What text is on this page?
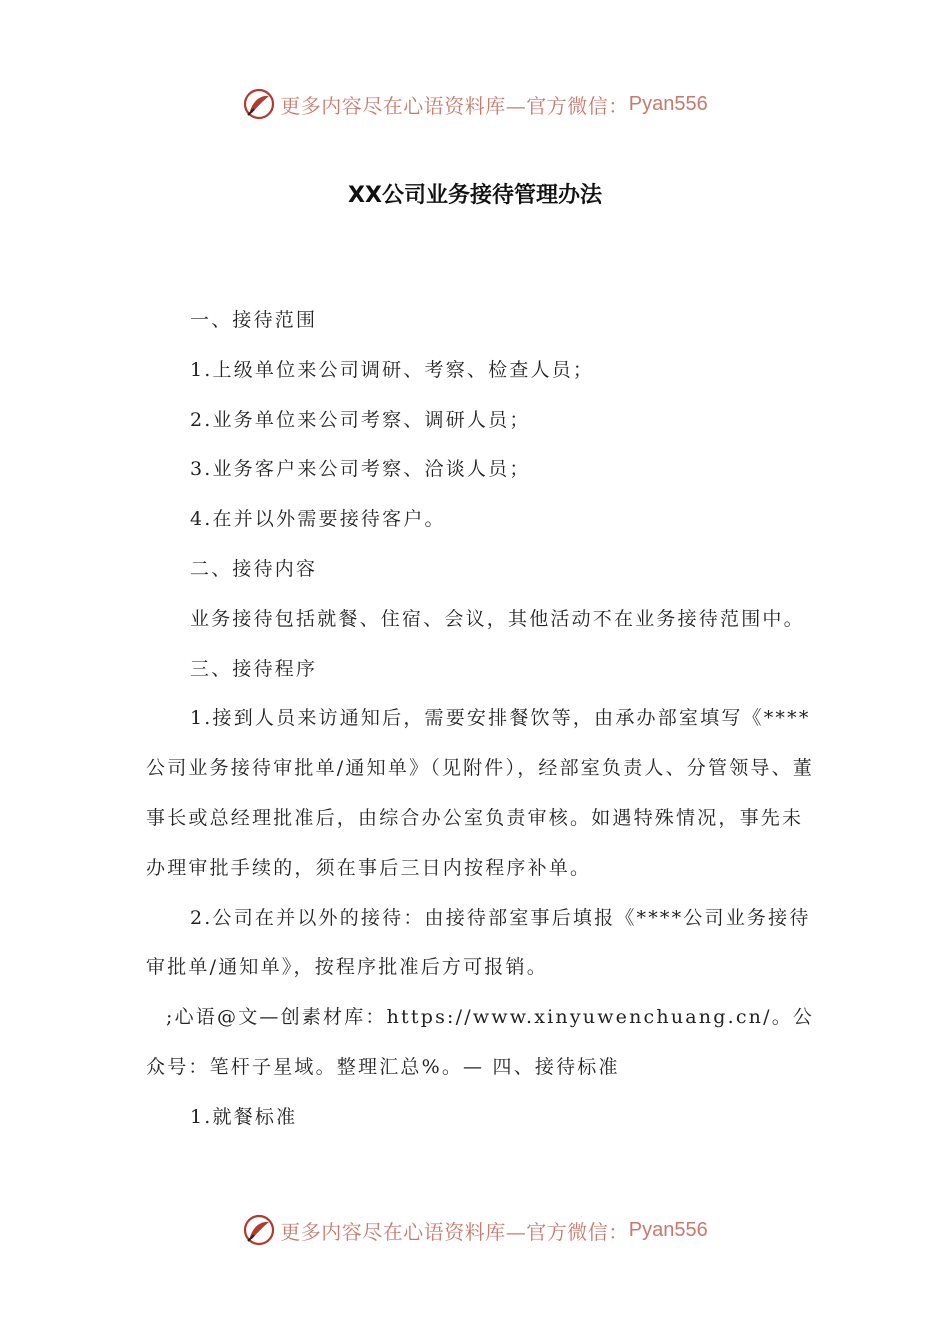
更多内容尽在心语资料库—官方微信： Pyan556
XX公司业务接待管理办法

一、接待范围

1.上级单位来公司调研、考察、检查人员；

2.业务单位来公司考察、调研人员；

3.业务客户来公司考察、洽谈人员；

4.在并以外需要接待客户。

二、接待内容

业务接待包括就餐、住宿、会议，其他活动不在业务接待范围中。

三、接待程序

1.接到人员来访通知后，需要安排餐饮等，由承办部室填写《****公司业务接待审批单/通知单》（见附件），经部室负责人、分管领导、董事长或总经理批准后，由综合办公室负责审核。如遇特殊情况，事先未办理审批手续的，须在事后三日内按程序补单。

2.公司在并以外的接待：由接待部室事后填报《****公司业务接待审批单/通知单》，按程序批准后方可报销。

;心语@文—创素材库：https://www.xinyuwenchuang.cn/。公众号：笔杆子星域。整理汇总%。— 四、接待标准

1.就餐标准

更多内容尽在心语资料库—官方微信： Pyan556
